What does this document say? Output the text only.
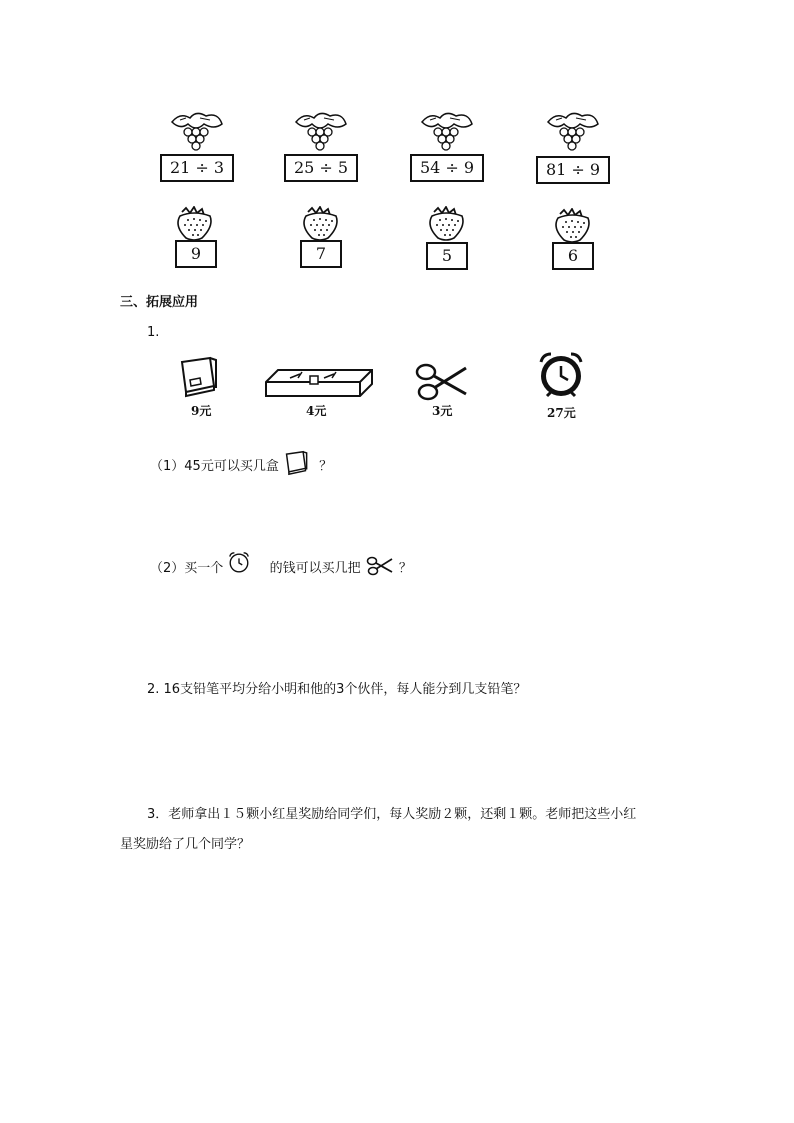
21 ÷ 3	25 ÷ 5	54 ÷ 9	81 ÷ 9
9	7	5	6
三、拓展应用
1.
9元	4元	3元	27元
（1）45元可以买几盒	？
（2）买一个	的钱可以买几把	？
2. 16支铅笔平均分给小明和他的3个伙伴，每人能分到几支铅笔？
3．老师拿出１５颗小红星奖励给同学们，每人奖励２颗，还剩１颗。老师把这些小红
星奖励给了几个同学？
